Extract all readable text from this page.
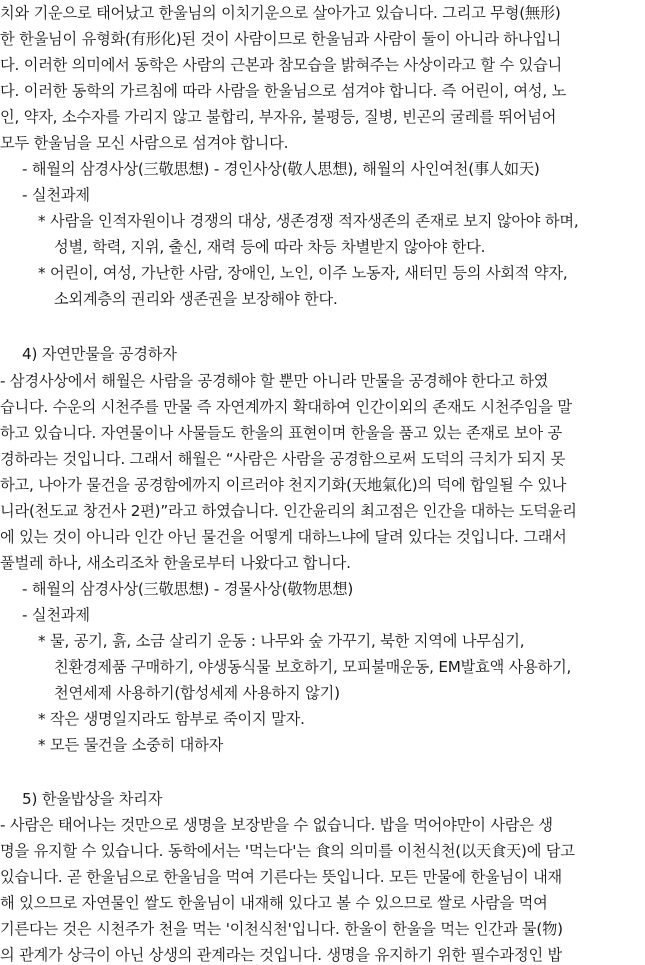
치와 기운으로 태어났고 한울님의 이치기운으로 살아가고 있습니다. 그리고 무형(無形)
한 한울님이 유형화(有形化)된 것이 사람이므로 한울님과 사람이 둘이 아니라 하나입니
다. 이러한 의미에서 동학은 사람의 근본과 참모습을 밝혀주는 사상이라고 할 수 있습니
다. 이러한 동학의 가르침에 따라 사람을 한울님으로 섬겨야 합니다. 즉 어린이, 여성, 노
인, 약자, 소수자를 가리지 않고 불합리, 부자유, 불평등, 질병, 빈곤의 굴레를 뛰어넘어
모두 한울님을 모신 사람으로 섬겨야 합니다.
- 해월의 삼경사상(三敬思想) - 경인사상(敬人思想), 해월의 사인여천(事人如天)
- 실천과제
* 사람을 인적자원이나 경쟁의 대상, 생존경쟁 적자생존의 존재로 보지 않아야 하며,
성별, 학력, 지위, 출신, 재력 등에 따라 차등 차별받지 않아야 한다.
* 어린이, 여성, 가난한 사람, 장애인, 노인, 이주 노동자, 새터민 등의 사회적 약자,
소외계층의 권리와 생존권을 보장해야 한다.
4) 자연만물을 공경하자
- 삼경사상에서 해월은 사람을 공경해야 할 뿐만 아니라 만물을 공경해야 한다고 하였
습니다. 수운의 시천주를 만물 즉 자연계까지 확대하여 인간이외의 존재도 시천주임을 말
하고 있습니다. 자연물이나 사물들도 한울의 표현이며 한울을 품고 있는 존재로 보아 공
경하라는 것입니다. 그래서 해월은 “사람은 사람을 공경함으로써 도덕의 극치가 되지 못
하고, 나아가 물건을 공경함에까지 이르러야 천지기화(天地氣化)의 덕에 합일될 수 있나
니라(천도교 창건사 2편)”라고 하였습니다. 인간윤리의 최고점은 인간을 대하는 도덕윤리
에 있는 것이 아니라 인간 아닌 물건을 어떻게 대하느냐에 달려 있다는 것입니다. 그래서
풀벌레 하나, 새소리조차 한울로부터 나왔다고 합니다.
- 해월의 삼경사상(三敬思想) - 경물사상(敬物思想)
- 실천과제
* 물, 공기, 흙, 소금 살리기 운동 : 나무와 숲 가꾸기, 북한 지역에 나무심기,
친환경제품 구매하기, 야생동식물 보호하기, 모피불매운동, EM발효액 사용하기,
천연세제 사용하기(합성세제 사용하지 않기)
* 작은 생명일지라도 함부로 죽이지 말자.
* 모든 물건을 소중히 대하자
5) 한울밥상을 차리자
- 사람은 태어나는 것만으로 생명을 보장받을 수 없습니다. 밥을 먹어야만이 사람은 생
명을 유지할 수 있습니다. 동학에서는 '먹는다'는 食의 의미를 이천식천(以天食天)에 담고
있습니다. 곧 한울님으로 한울님을 먹여 기른다는 뜻입니다. 모든 만물에 한울님이 내재
해 있으므로 자연물인 쌀도 한울님이 내재해 있다고 볼 수 있으므로 쌀로 사람을 먹여
기른다는 것은 시천주가 천을 먹는 '이천식천'입니다. 한울이 한울을 먹는 인간과 물(物)
의 관계가 상극이 아닌 상생의 관계라는 것입니다. 생명을 유지하기 위한 필수과정인 밥
